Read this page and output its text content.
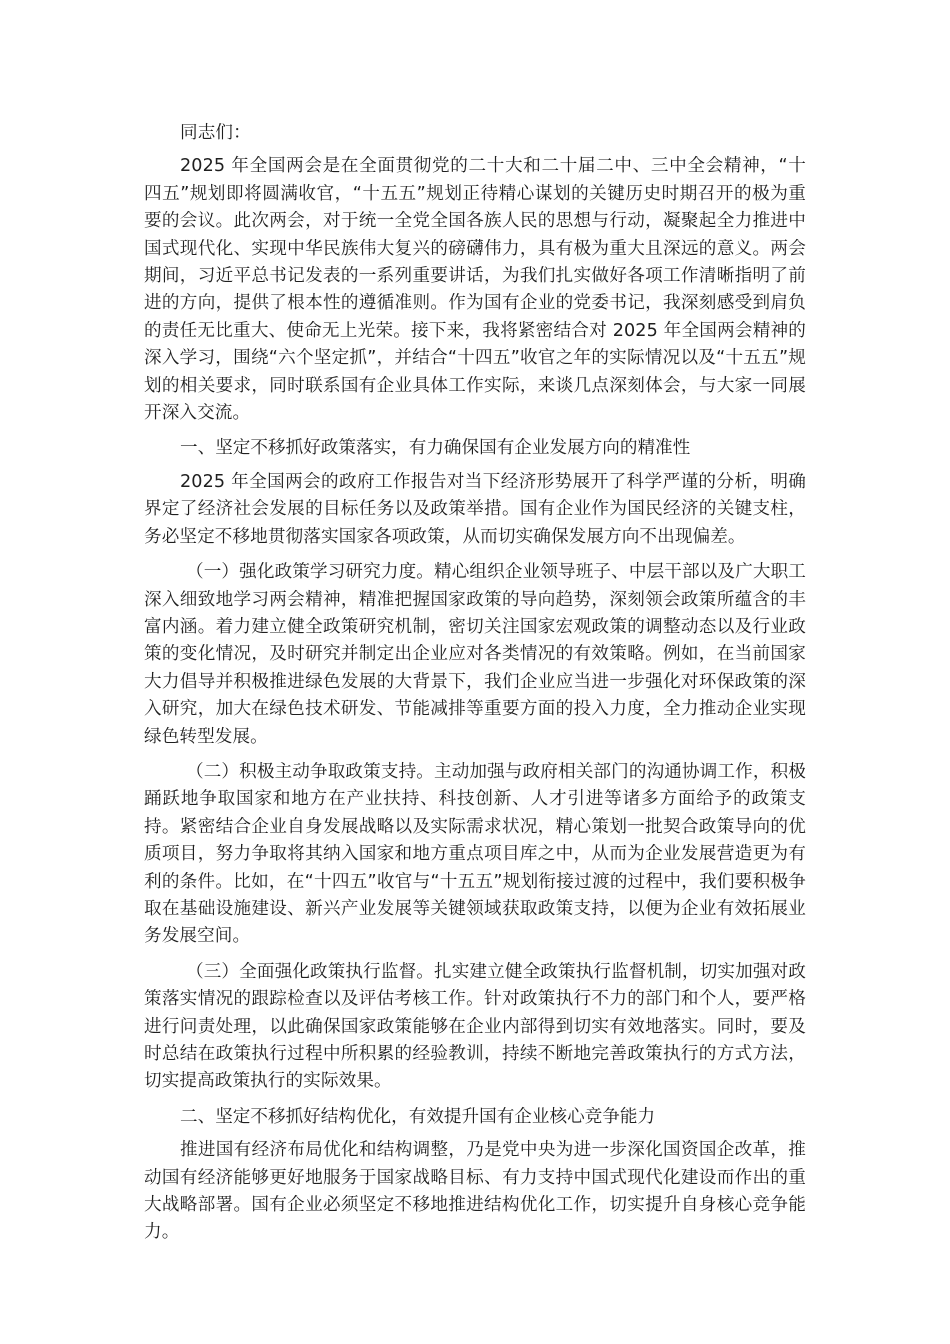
同志们：

2025 年全国两会是在全面贯彻党的二十大和二十届二中、三中全会精神，“十四五”规划即将圆满收官，“十五五”规划正待精心谋划的关键历史时期召开的极为重要的会议。此次两会，对于统一全党全国各族人民的思想与行动，凝聚起全力推进中国式现代化、实现中华民族伟大复兴的磅礴伟力，具有极为重大且深远的意义。两会期间，习近平总书记发表的一系列重要讲话，为我们扎实做好各项工作清晰指明了前进的方向，提供了根本性的遵循准则。作为国有企业的党委书记，我深刻感受到肩负的责任无比重大、使命无上光荣。接下来，我将紧密结合对 2025 年全国两会精神的深入学习，围绕“六个坚定抓”，并结合“十四五”收官之年的实际情况以及“十五五”规划的相关要求，同时联系国有企业具体工作实际，来谈几点深刻体会，与大家一同展开深入交流。

一、坚定不移抓好政策落实，有力确保国有企业发展方向的精准性

2025 年全国两会的政府工作报告对当下经济形势展开了科学严谨的分析，明确界定了经济社会发展的目标任务以及政策举措。国有企业作为国民经济的关键支柱，务必坚定不移地贯彻落实国家各项政策，从而切实确保发展方向不出现偏差。

（一）强化政策学习研究力度。精心组织企业领导班子、中层干部以及广大职工深入细致地学习两会精神，精准把握国家政策的导向趋势，深刻领会政策所蕴含的丰富内涵。着力建立健全政策研究机制，密切关注国家宏观政策的调整动态以及行业政策的变化情况，及时研究并制定出企业应对各类情况的有效策略。例如，在当前国家大力倡导并积极推进绿色发展的大背景下，我们企业应当进一步强化对环保政策的深入研究，加大在绿色技术研发、节能减排等重要方面的投入力度，全力推动企业实现绿色转型发展。

（二）积极主动争取政策支持。主动加强与政府相关部门的沟通协调工作，积极踊跃地争取国家和地方在产业扶持、科技创新、人才引进等诸多方面给予的政策支持。紧密结合企业自身发展战略以及实际需求状况，精心策划一批契合政策导向的优质项目，努力争取将其纳入国家和地方重点项目库之中，从而为企业发展营造更为有利的条件。比如，在“十四五”收官与“十五五”规划衔接过渡的过程中，我们要积极争取在基础设施建设、新兴产业发展等关键领域获取政策支持，以便为企业有效拓展业务发展空间。

（三）全面强化政策执行监督。扎实建立健全政策执行监督机制，切实加强对政策落实情况的跟踪检查以及评估考核工作。针对政策执行不力的部门和个人，要严格进行问责处理，以此确保国家政策能够在企业内部得到切实有效地落实。同时，要及时总结在政策执行过程中所积累的经验教训，持续不断地完善政策执行的方式方法，切实提高政策执行的实际效果。

二、坚定不移抓好结构优化，有效提升国有企业核心竞争能力

推进国有经济布局优化和结构调整，乃是党中央为进一步深化国资国企改革，推动国有经济能够更好地服务于国家战略目标、有力支持中国式现代化建设而作出的重大战略部署。国有企业必须坚定不移地推进结构优化工作，切实提升自身核心竞争能力。
